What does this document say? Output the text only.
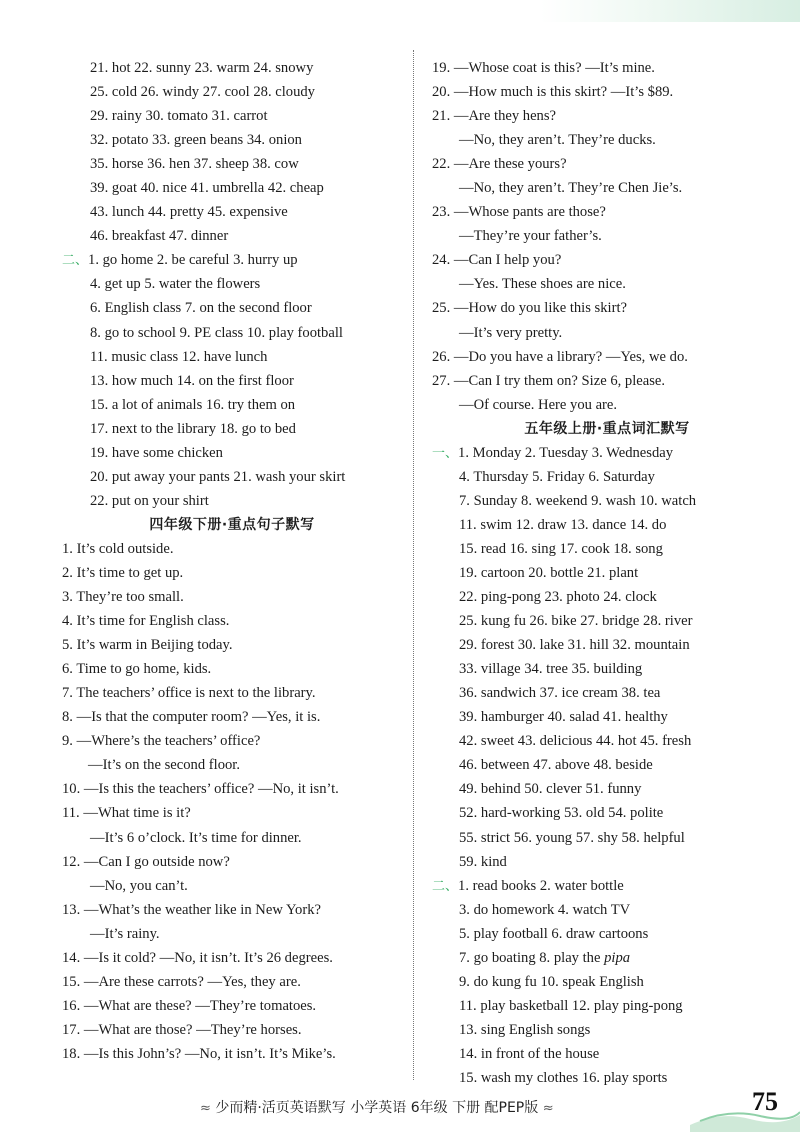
21. hot 22. sunny 23. warm 24. snowy
25. cold 26. windy 27. cool 28. cloudy
29. rainy 30. tomato 31. carrot
32. potato 33. green beans 34. onion
35. horse 36. hen 37. sheep 38. cow
39. goat 40. nice 41. umbrella 42. cheap
43. lunch 44. pretty 45. expensive
46. breakfast 47. dinner
二、1. go home 2. be careful 3. hurry up
4. get up 5. water the flowers
6. English class 7. on the second floor
8. go to school 9. PE class 10. play football
11. music class 12. have lunch
13. how much 14. on the first floor
15. a lot of animals 16. try them on
17. next to the library 18. go to bed
19. have some chicken
20. put away your pants 21. wash your skirt
22. put on your shirt
四年级下册·重点句子默写
1. It’s cold outside.
2. It’s time to get up.
3. They’re too small.
4. It’s time for English class.
5. It’s warm in Beijing today.
6. Time to go home, kids.
7. The teachers’ office is next to the library.
8. —Is that the computer room? —Yes, it is.
9. —Where’s the teachers’ office?
—It’s on the second floor.
10. —Is this the teachers’ office? —No, it isn’t.
11. —What time is it?
—It’s 6 o’clock. It’s time for dinner.
12. —Can I go outside now?
—No, you can’t.
13. —What’s the weather like in New York?
—It’s rainy.
14. —Is it cold? —No, it isn’t. It’s 26 degrees.
15. —Are these carrots? —Yes, they are.
16. —What are these? —They’re tomatoes.
17. —What are those? —They’re horses.
18. —Is this John’s? —No, it isn’t. It’s Mike’s.
19. —Whose coat is this? —It’s mine.
20. —How much is this skirt? —It’s $89.
21. —Are they hens?
—No, they aren’t. They’re ducks.
22. —Are these yours?
—No, they aren’t. They’re Chen Jie’s.
23. —Whose pants are those?
—They’re your father’s.
24. —Can I help you?
—Yes. These shoes are nice.
25. —How do you like this skirt?
—It’s very pretty.
26. —Do you have a library? —Yes, we do.
27. —Can I try them on? Size 6, please.
—Of course. Here you are.
五年级上册·重点词汇默写
一、1. Monday 2. Tuesday 3. Wednesday
4. Thursday 5. Friday 6. Saturday
7. Sunday 8. weekend 9. wash 10. watch
11. swim 12. draw 13. dance 14. do
15. read 16. sing 17. cook 18. song
19. cartoon 20. bottle 21. plant
22. ping-pong 23. photo 24. clock
25. kung fu 26. bike 27. bridge 28. river
29. forest 30. lake 31. hill 32. mountain
33. village 34. tree 35. building
36. sandwich 37. ice cream 38. tea
39. hamburger 40. salad 41. healthy
42. sweet 43. delicious 44. hot 45. fresh
46. between 47. above 48. beside
49. behind 50. clever 51. funny
52. hard-working 53. old 54. polite
55. strict 56. young 57. shy 58. helpful
59. kind
二、1. read books 2. water bottle
3. do homework 4. watch TV
5. play football 6. draw cartoons
7. go boating 8. play the pipa
9. do kung fu 10. speak English
11. play basketball 12. play ping-pong
13. sing English songs
14. in front of the house
15. wash my clothes 16. play sports
≈ 少而精·活页英语默写 小学英语 6年级 下册 配PEP版 ≈	75
